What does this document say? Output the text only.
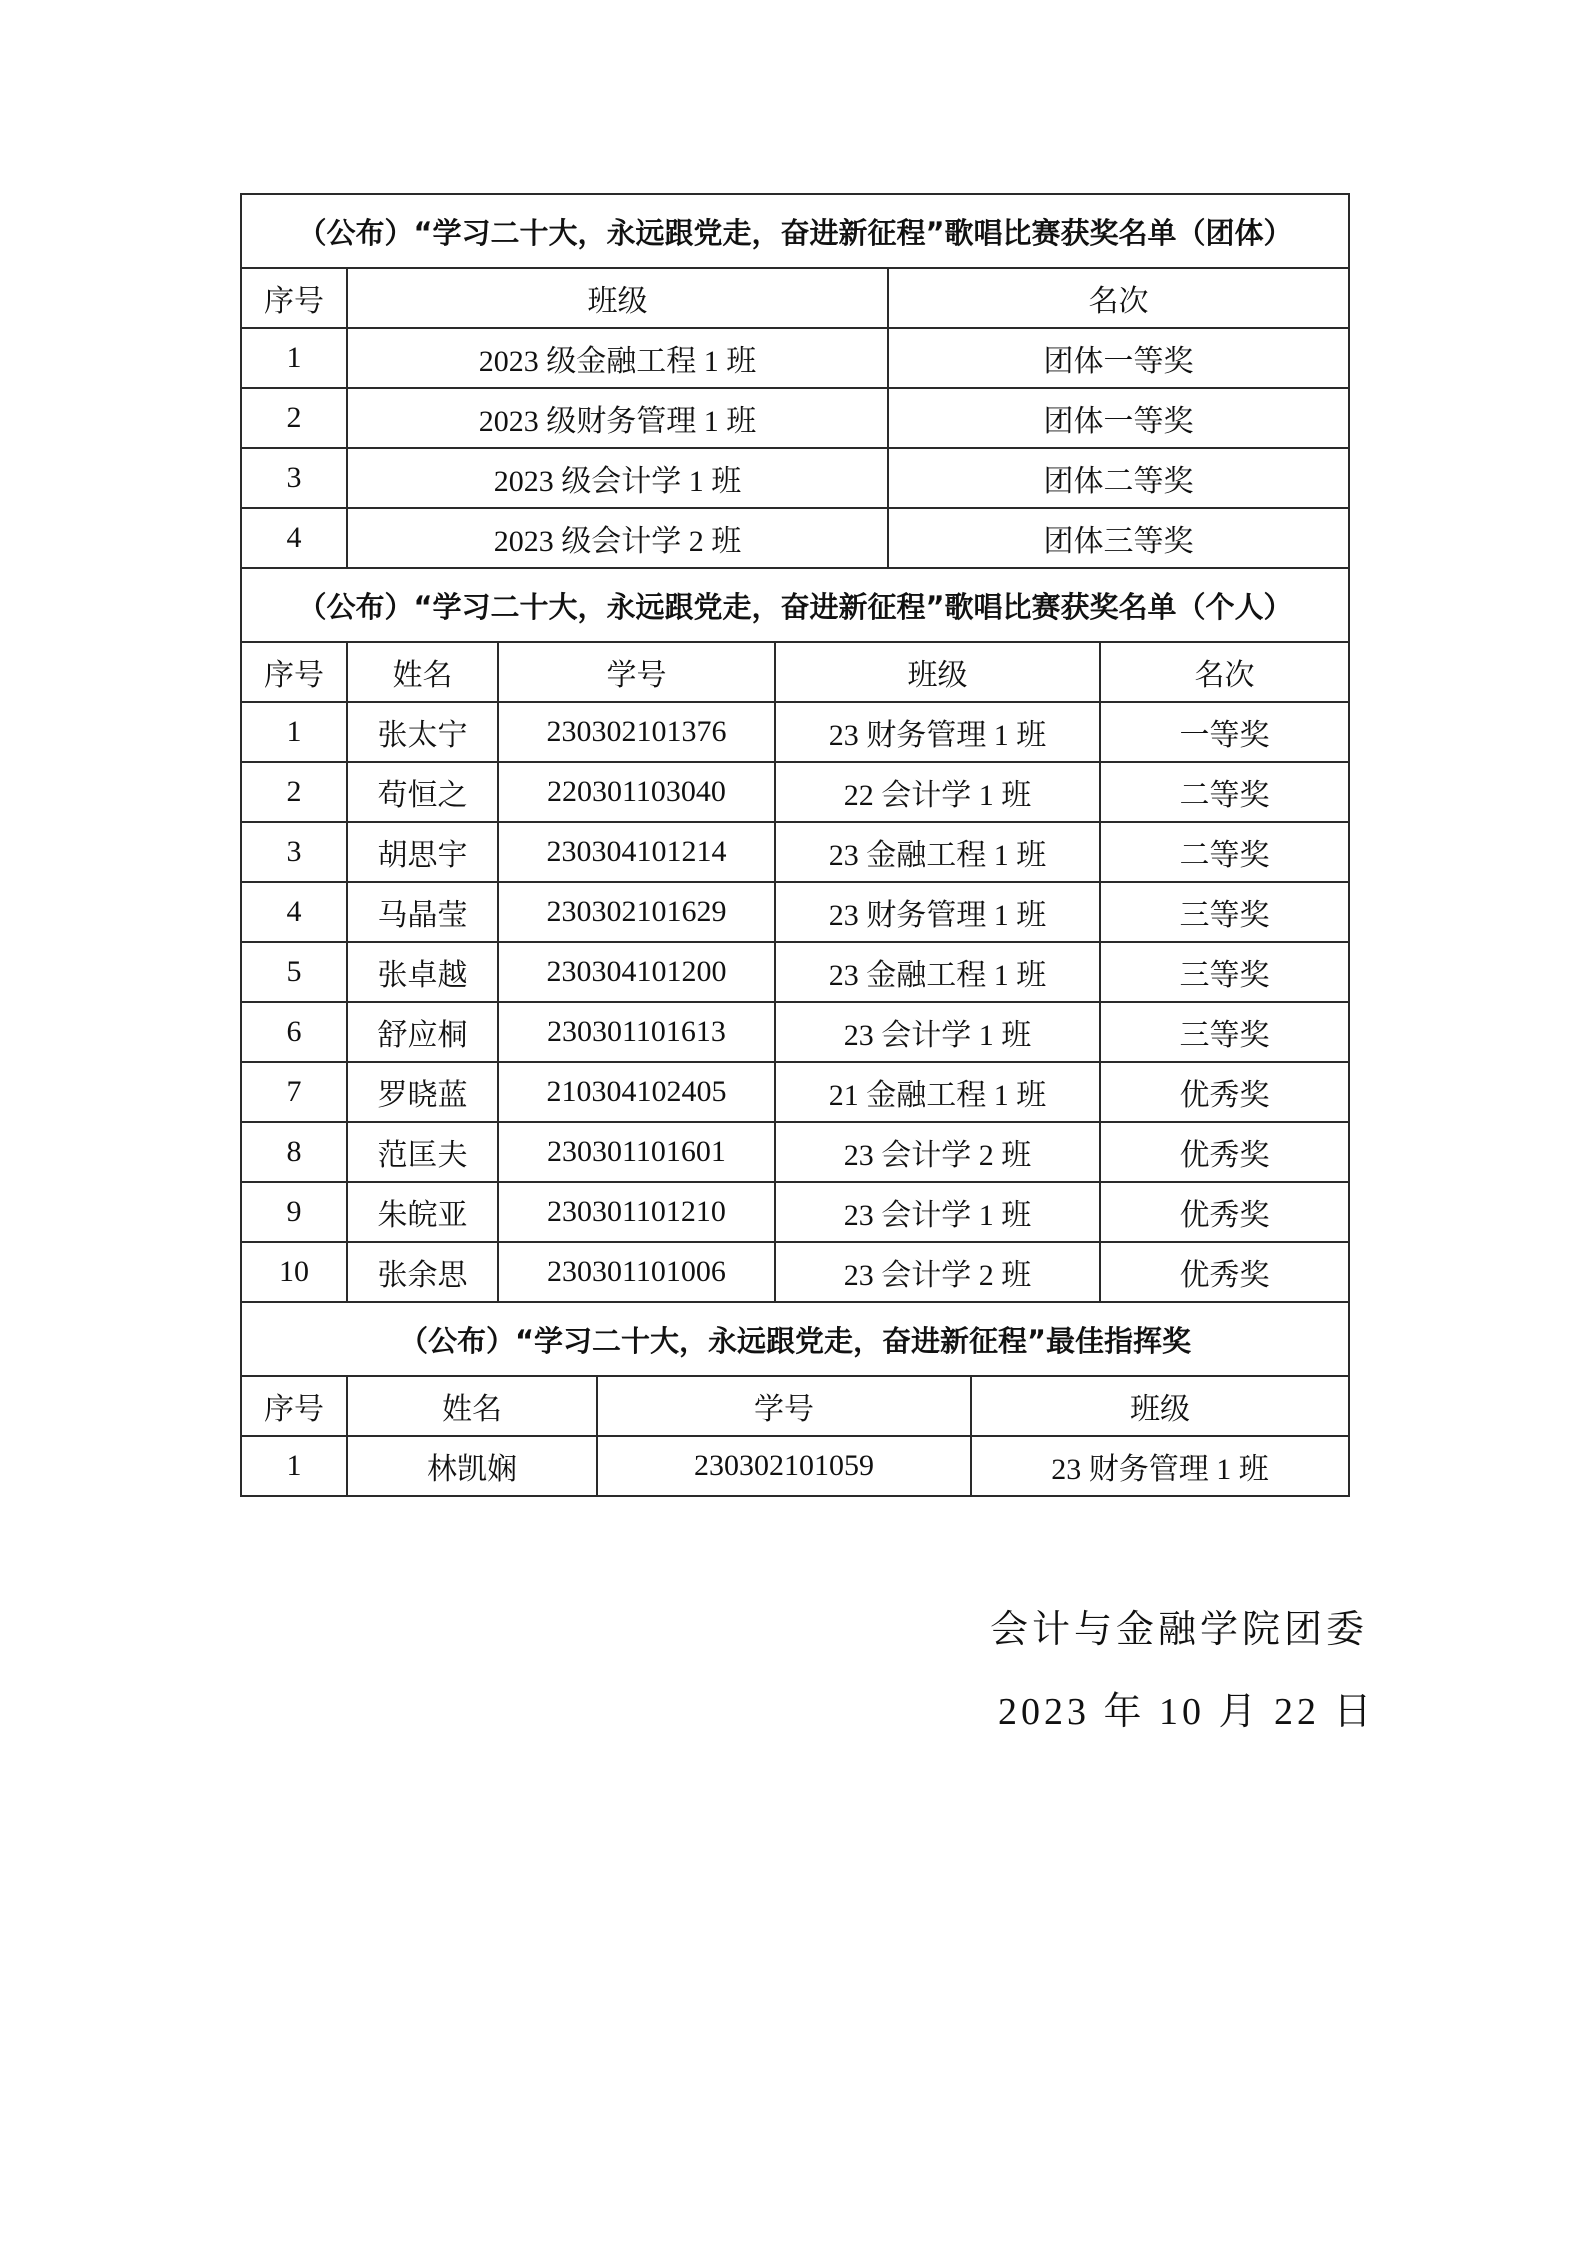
（公布）“学习二十大，永远跟党走，奋进新征程”歌唱比赛获奖名单（团体）		
序号	班级	名次
1	2023 级金融工程 1 班	团体一等奖
2	2023 级财务管理 1 班	团体一等奖
3	2023 级会计学 1 班	团体二等奖
4	2023 级会计学 2 班	团体三等奖
（公布）“学习二十大，永远跟党走，奋进新征程”歌唱比赛获奖名单（个人）				
序号	姓名	学号	班级	名次
1	张太宁	230302101376	23 财务管理 1 班	一等奖
2	苟恒之	220301103040	22 会计学 1 班	二等奖
3	胡思宇	230304101214	23 金融工程 1 班	二等奖
4	马晶莹	230302101629	23 财务管理 1 班	三等奖
5	张卓越	230304101200	23 金融工程 1 班	三等奖
6	舒应桐	230301101613	23 会计学 1 班	三等奖
7	罗晓蓝	210304102405	21 金融工程 1 班	优秀奖
8	范匡夫	230301101601	23 会计学 2 班	优秀奖
9	朱皖亚	230301101210	23 会计学 1 班	优秀奖
10	张余思	230301101006	23 会计学 2 班	优秀奖
（公布）“学习二十大，永远跟党走，奋进新征程”最佳指挥奖			
序号	姓名	学号	班级
1	林凯娴	230302101059	23 财务管理 1 班
会计与金融学院团委
2023 年 10 月 22 日
